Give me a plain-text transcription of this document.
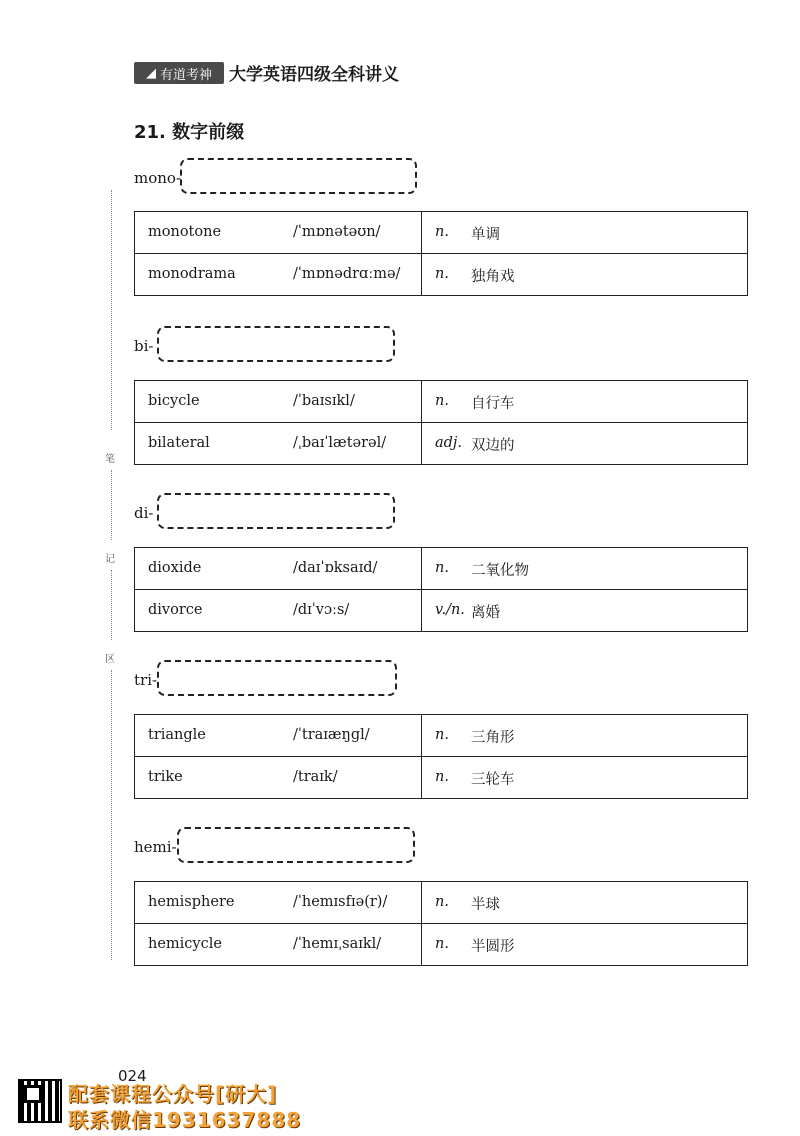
◢ 有道考神 大学英语四级全科讲义
21. 数字前缀
笔
记
区
mono-
monotone	/ˈmɒnətəʊn/	n. 单调
monodrama	/ˈmɒnədrɑːmə/ n. 独角戏
bi-
bicycle	/ˈbaɪsɪkl/	n. 自行车
bilateral	/ˌbaɪˈlætərəl/	adj. 双边的
di-
dioxide	/daɪˈɒksaɪd/	n. 二氧化物
divorce	/dɪˈvɔːs/	v./n. 离婚
tri-
triangle	/ˈtraɪæŋgl/	n. 三角形
trike	/traɪk/	n. 三轮车
hemi-
hemisphere	/ˈhemɪsfɪə(r)/	n. 半球
hemicycle	/ˈhemɪˌsaɪkl/	n. 半圆形
024
配套课程公众号[研大]
联系微信1931637888
